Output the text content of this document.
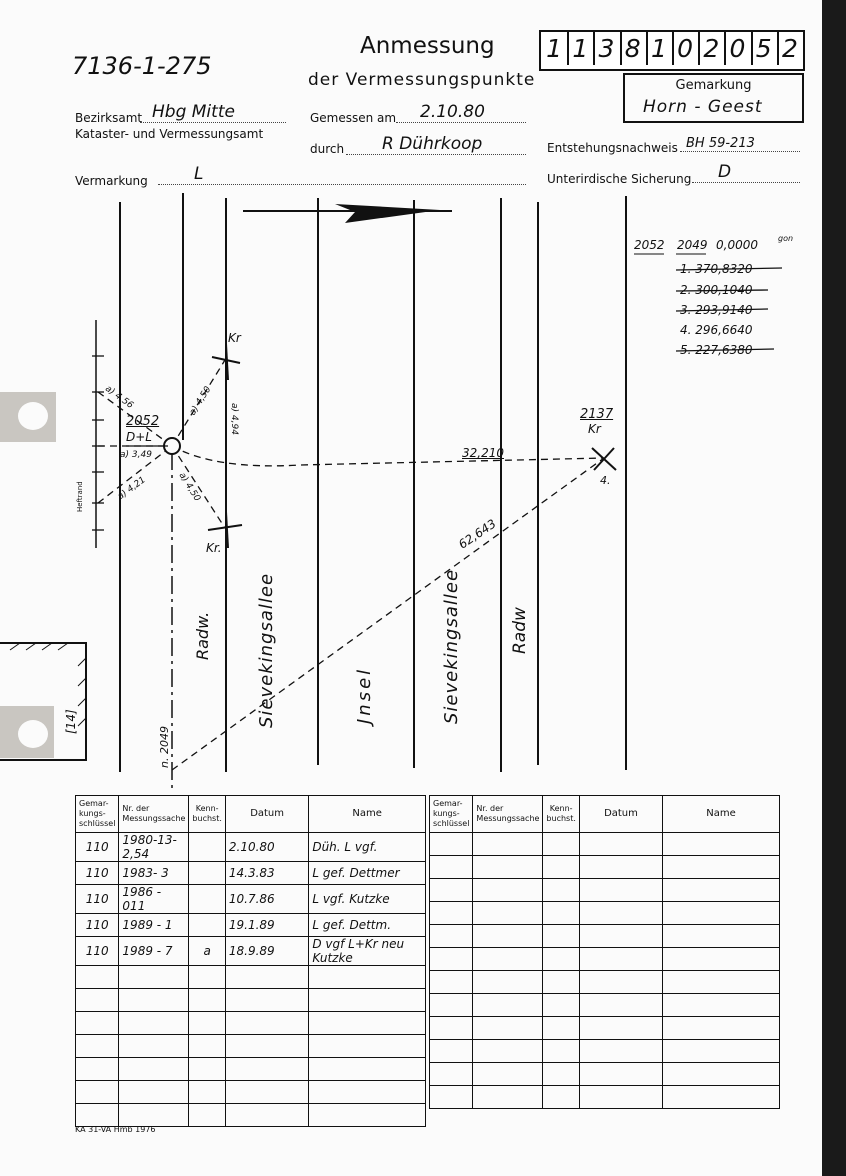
7136-1-275
Anmessung
der Vermessungspunkte
1 1 3 8 1 0 2 0 5 2
Gemarkung
Horn - Geest
Bezirksamt Hbg Mitte
Kataster- und Vermessungsamt
Gemessen am	2.10.80
durch	R Dührkoop	Entstehungsnachweis BH 59-213
Vermarkung	L	Unterirdische Sicherung	D
Radw. Sievekingsallee	Jnsel	Sievekingsallee	Radw
2052
D+L
2137
Kr
4.
Kr
Kr.
32,210
62,643
a) 4,56
a) 3,49
a) 4,21
a) 4,50
a) 4,50
a) 4,94
Heftrand
n. 2049
[14]
2052 2049 0,0000	gon
1. 370,8320
2. 300,1040
3. 293,9140
4. 296,6640
5. 227,6380
Gemar-kungs-schlüssel	Nr. der Messungssache	Kenn-buchst.	Datum	Name
110	1980-13-2,54		2.10.80	Düh. L vgf.
110	1983- 3		14.3.83	L gef. Dettmer
110	1986 - 011		10.7.86	L vgf. Kutzke
110	1989 - 1		19.1.89	L gef. Dettm.
110	1989 - 7	a	18.9.89	D vgf L+Kr neu Kutzke

Gemar-kungs-schlüssel	Nr. der Messungssache	Kenn-buchst.	Datum	Name

KA 31-VA Hmb 1976
